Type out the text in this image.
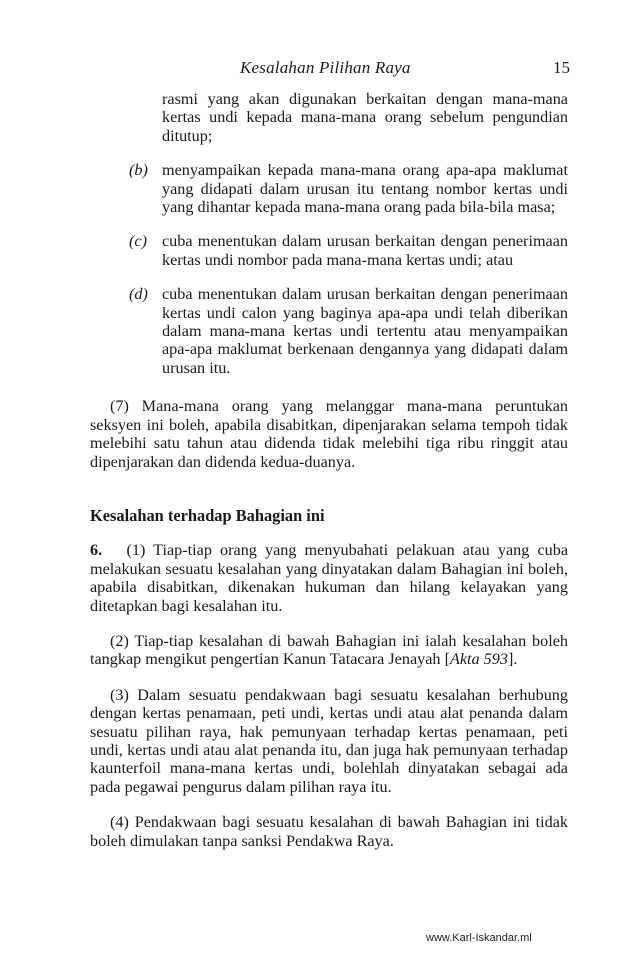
Kesalahan Pilihan Raya	15

rasmi yang akan digunakan berkaitan dengan mana-mana kertas undi kepada mana-mana orang sebelum pengundian ditutup;

(b) menyampaikan kepada mana-mana orang apa-apa maklumat yang didapati dalam urusan itu tentang nombor kertas undi yang dihantar kepada mana-mana orang pada bila-bila masa;
(c) cuba menentukan dalam urusan berkaitan dengan penerimaan kertas undi nombor pada mana-mana kertas undi; atau
(d) cuba menentukan dalam urusan berkaitan dengan penerimaan kertas undi calon yang baginya apa-apa undi telah diberikan dalam mana-mana kertas undi tertentu atau menyampaikan apa-apa maklumat berkenaan dengannya yang didapati dalam urusan itu.

(7) Mana-mana orang yang melanggar mana-mana peruntukan seksyen ini boleh, apabila disabitkan, dipenjarakan selama tempoh tidak melebihi satu tahun atau didenda tidak melebihi tiga ribu ringgit atau dipenjarakan dan didenda kedua-duanya.

Kesalahan terhadap Bahagian ini

6. (1) Tiap-tiap orang yang menyubahati pelakuan atau yang cuba melakukan sesuatu kesalahan yang dinyatakan dalam Bahagian ini boleh, apabila disabitkan, dikenakan hukuman dan hilang kelayakan yang ditetapkan bagi kesalahan itu.

(2) Tiap-tiap kesalahan di bawah Bahagian ini ialah kesalahan boleh tangkap mengikut pengertian Kanun Tatacara Jenayah [Akta 593].

(3) Dalam sesuatu pendakwaan bagi sesuatu kesalahan berhubung dengan kertas penamaan, peti undi, kertas undi atau alat penanda dalam sesuatu pilihan raya, hak pemunyaan terhadap kertas penamaan, peti undi, kertas undi atau alat penanda itu, dan juga hak pemunyaan terhadap kaunterfoil mana-mana kertas undi, bolehlah dinyatakan sebagai ada pada pegawai pengurus dalam pilihan raya itu.

(4) Pendakwaan bagi sesuatu kesalahan di bawah Bahagian ini tidak boleh dimulakan tanpa sanksi Pendakwa Raya.

www.Karl-Iskandar.ml
